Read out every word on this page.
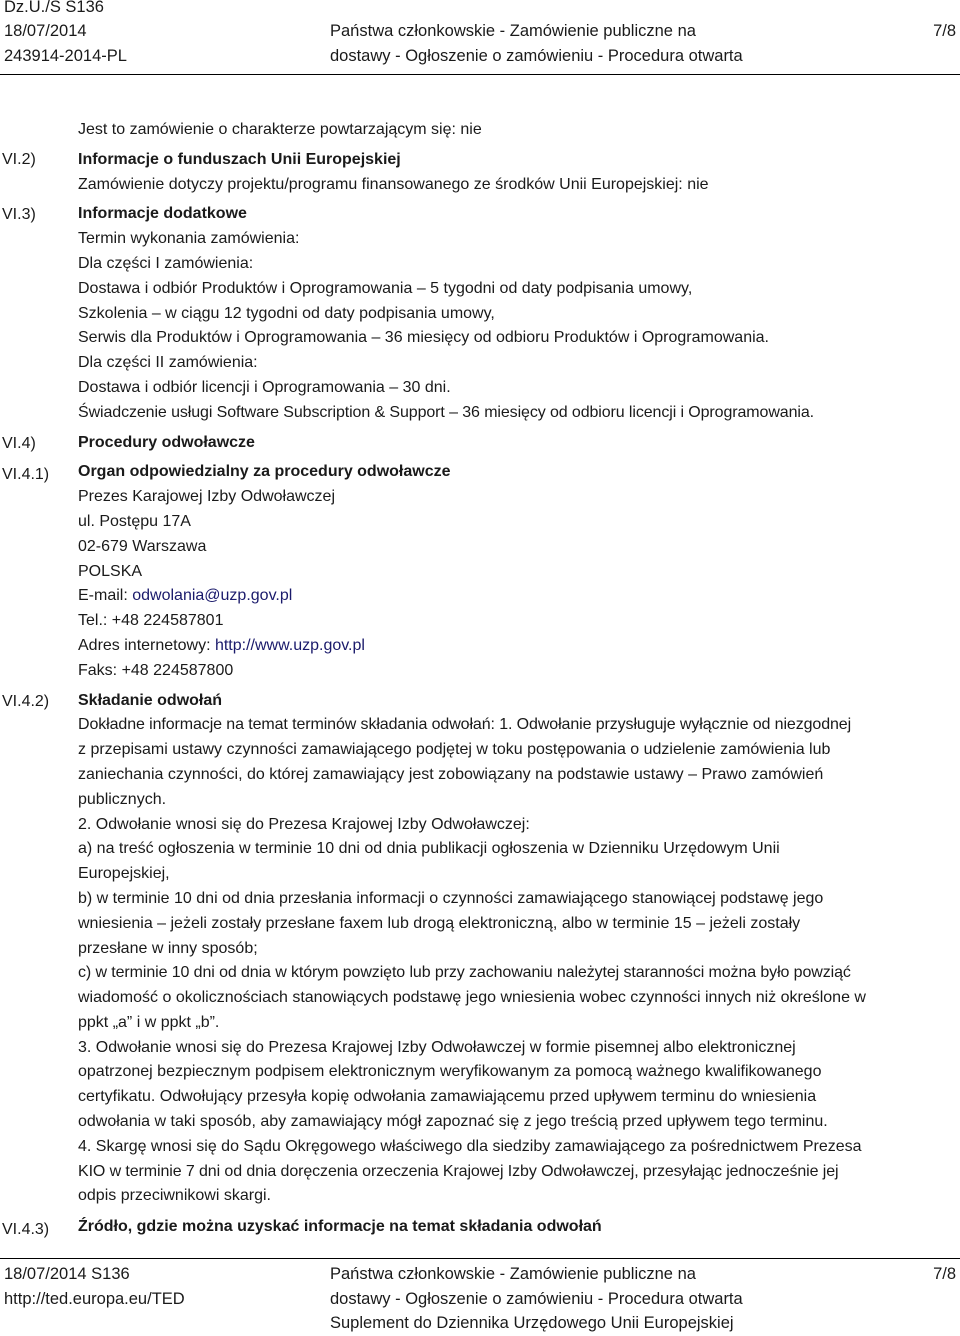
Dz.U./S S136
18/07/2014
243914-2014-PL
Państwa członkowskie - Zamówienie publiczne na
dostawy - Ogłoszenie o zamówieniu - Procedura otwarta
7/8
VI.2)
VI.3)
VI.4)
VI.4.1)
VI.4.2)
VI.4.3)

Jest to zamówienie o charakterze powtarzającym się: nie

Informacje o funduszach Unii Europejskiej

Zamówienie dotyczy projektu/programu finansowanego ze środków Unii Europejskiej: nie

Informacje dodatkowe

Termin wykonania zamówienia:

Dla części I zamówienia:

Dostawa i odbiór Produktów i Oprogramowania – 5 tygodni od daty podpisania umowy,

Szkolenia – w ciągu 12 tygodni od daty podpisania umowy,

Serwis dla Produktów i Oprogramowania – 36 miesięcy od odbioru Produktów i Oprogramowania.

Dla części II zamówienia:

Dostawa i odbiór licencji i Oprogramowania – 30 dni.

Świadczenie usługi Software Subscription & Support – 36 miesięcy od odbioru licencji i Oprogramowania.

Procedury odwoławcze

Organ odpowiedzialny za procedury odwoławcze

Prezes Karajowej Izby Odwoławczej

ul. Postępu 17A

02-679 Warszawa

POLSKA

E-mail: odwolania@uzp.gov.pl

Tel.: +48 224587801

Adres internetowy: http://www.uzp.gov.pl

Faks: +48 224587800

Składanie odwołań

Dokładne informacje na temat terminów składania odwołań: 1. Odwołanie przysługuje wyłącznie od niezgodnej

z przepisami ustawy czynności zamawiającego podjętej w toku postępowania o udzielenie zamówienia lub

zaniechania czynności, do której zamawiający jest zobowiązany na podstawie ustawy – Prawo zamówień

publicznych.

2. Odwołanie wnosi się do Prezesa Krajowej Izby Odwoławczej:

a) na treść ogłoszenia w terminie 10 dni od dnia publikacji ogłoszenia w Dzienniku Urzędowym Unii

Europejskiej,

b) w terminie 10 dni od dnia przesłania informacji o czynności zamawiającego stanowiącej podstawę jego

wniesienia – jeżeli zostały przesłane faxem lub drogą elektroniczną, albo w terminie 15 – jeżeli zostały

przesłane w inny sposób;

c) w terminie 10 dni od dnia w którym powzięto lub przy zachowaniu należytej staranności można było powziąć

wiadomość o okolicznościach stanowiących podstawę jego wniesienia wobec czynności innych niż określone w

ppkt „a” i w ppkt „b”.

3. Odwołanie wnosi się do Prezesa Krajowej Izby Odwoławczej w formie pisemnej albo elektronicznej

opatrzonej bezpiecznym podpisem elektronicznym weryfikowanym za pomocą ważnego kwalifikowanego

certyfikatu. Odwołujący przesyła kopię odwołania zamawiającemu przed upływem terminu do wniesienia

odwołania w taki sposób, aby zamawiający mógł zapoznać się z jego treścią przed upływem tego terminu.

4. Skargę wnosi się do Sądu Okręgowego właściwego dla siedziby zamawiającego za pośrednictwem Prezesa

KIO w terminie 7 dni od dnia doręczenia orzeczenia Krajowej Izby Odwoławczej, przesyłając jednocześnie jej

odpis przeciwnikowi skargi.

Źródło, gdzie można uzyskać informacje na temat składania odwołań

18/07/2014 S136
http://ted.europa.eu/TED
Państwa członkowskie - Zamówienie publiczne na
dostawy - Ogłoszenie o zamówieniu - Procedura otwarta
Suplement do Dziennika Urzędowego Unii Europejskiej
7/8
